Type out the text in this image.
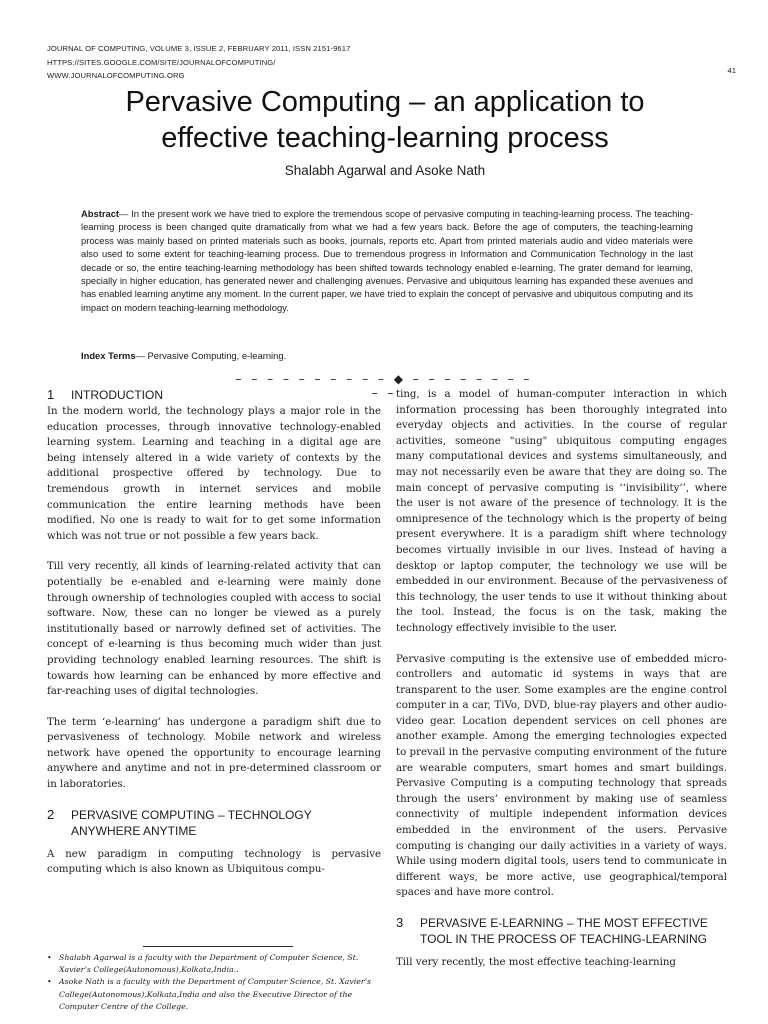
JOURNAL OF COMPUTING, VOLUME 3, ISSUE 2, FEBRUARY 2011, ISSN 2151-9617
HTTPS://SITES.GOOGLE.COM/SITE/JOURNALOFCOMPUTING/
WWW.JOURNALOFCOMPUTING.ORG
41
Pervasive Computing – an application to
effective teaching-learning process
Shalabh Agarwal and Asoke Nath
Abstract— In the present work we have tried to explore the tremendous scope of pervasive computing in teaching-learning process. The teaching-learning process is been changed quite dramatically from what we had a few years back. Before the age of computers, the teaching-learning process was mainly based on printed materials such as books, journals, reports etc. Apart from printed materials audio and video materials were also used to some extent for teaching-learning process. Due to tremendous progress in Information and Communication Technology in the last decade or so, the entire teaching-learning methodology has been shifted towards technology enabled e-learning. The grater demand for learning, specially in higher education, has generated newer and challenging avenues. Pervasive and ubiquitous learning has expanded these avenues and has enabled learning anytime any moment. In the current paper, we have tried to explain the concept of pervasive and ubiquitous computing and its impact on modern teaching-learning methodology.
Index Terms— Pervasive Computing, e-learning.
– – – – – – – – – – ◆ – – – – – – – – – –
1 INTRODUCTION

In the modern world, the technology plays a major role in the education processes, through innovative technology-enabled learning system. Learning and teaching in a digital age are being intensely altered in a wide variety of contexts by the additional prospective offered by technology. Due to tremendous growth in internet services and mobile communication the entire learning methods have been modified. No one is ready to wait for to get some information which was not true or not possible a few years back.

Till very recently, all kinds of learning-related activity that can potentially be e-enabled and e-learning were mainly done through ownership of technologies coupled with access to social software. Now, these can no longer be viewed as a purely institutionally based or narrowly defined set of activities. The concept of e-learning is thus becoming much wider than just providing technology enabled learning resources. The shift is towards how learning can be enhanced by more effective and far-reaching uses of digital technologies.

The term ‘e-learning’ has undergone a paradigm shift due to pervasiveness of technology. Mobile network and wireless network have opened the opportunity to encourage learning anywhere and anytime and not in pre-determined classroom or in laboratories.

2 PERVASIVE COMPUTING – TECHNOLOGY
ANYWHERE ANYTIME

A new paradigm in computing technology is pervasive computing which is also known as Ubiquitous compu-

ting, is a model of human-computer interaction in which information processing has been thoroughly integrated into everyday objects and activities. In the course of regular activities, someone "using" ubiquitous computing engages many computational devices and systems simultaneously, and may not necessarily even be aware that they are doing so. The main concept of pervasive computing is ‘‘invisibility’’, where the user is not aware of the presence of technology. It is the omnipresence of the technology which is the property of being present everywhere. It is a paradigm shift where technology becomes virtually invisible in our lives. Instead of having a desktop or laptop computer, the technology we use will be embedded in our environment. Because of the pervasiveness of this technology, the user tends to use it without thinking about the tool. Instead, the focus is on the task, making the technology effectively invisible to the user.

Pervasive computing is the extensive use of embedded micro-controllers and automatic id systems in ways that are transparent to the user. Some examples are the engine control computer in a car, TiVo, DVD, blue-ray players and other audio-video gear. Location dependent services on cell phones are another example. Among the emerging technologies expected to prevail in the pervasive computing environment of the future are wearable computers, smart homes and smart buildings. Pervasive Computing is a computing technology that spreads through the users’ environment by making use of seamless connectivity of multiple independent information devices embedded in the environment of the users. Pervasive computing is changing our daily activities in a variety of ways. While using modern digital tools, users tend to communicate in different ways, be more active, use geographical/temporal spaces and have more control.

3 PERVASIVE E-LEARNING – THE MOST EFFECTIVE
TOOL IN THE PROCESS OF TEACHING-LEARNING

Till very recently, the most effective teaching-learning

• Shalabh Agarwal is a faculty with the Department of Computer Science, St. Xavier’s College(Autonomous),Kolkata,India..
• Asoke Nath is a faculty with the Department of Computer Science, St. Xavier’s College(Autonomous),Kolkata,India and also the Executive Director of the Computer Centre of the College.
